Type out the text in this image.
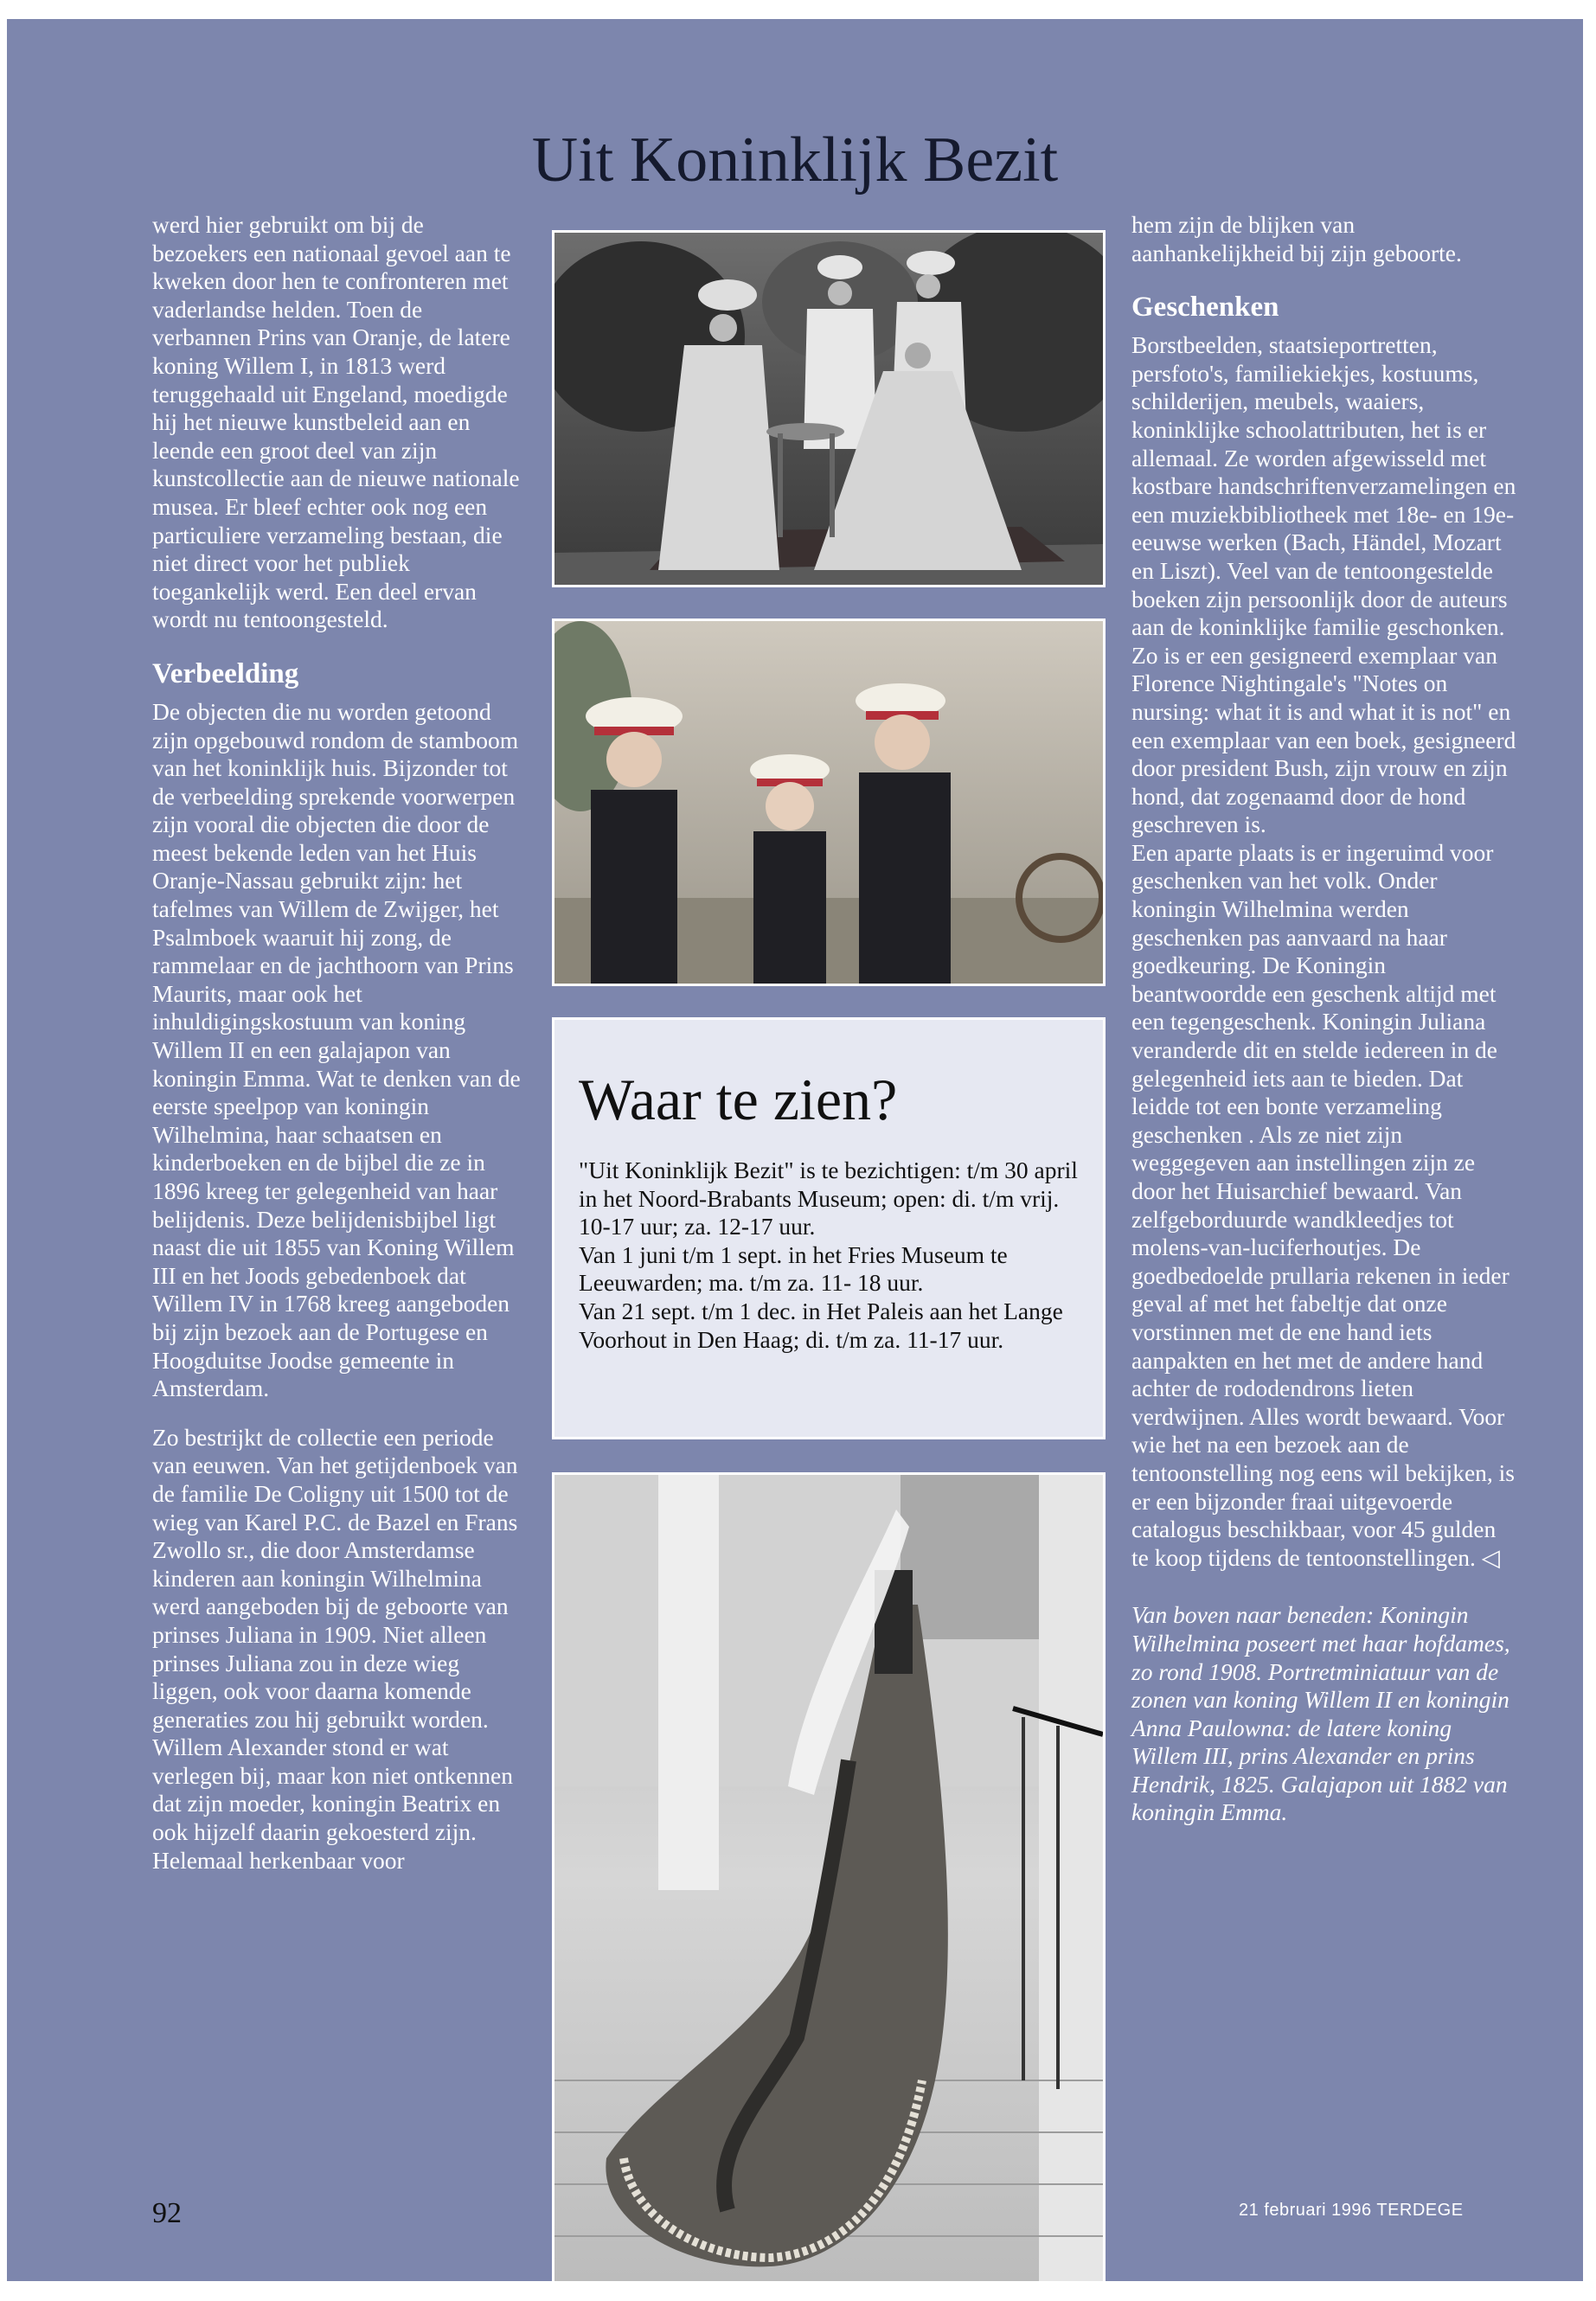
Uit Koninklijk Bezit

werd hier gebruikt om bij de bezoekers een nationaal gevoel aan te kweken door hen te confronteren met vaderlandse helden. Toen de verbannen Prins van Oranje, de latere koning Willem I, in 1813 werd teruggehaald uit Engeland, moedigde hij het nieuwe kunstbeleid aan en leende een groot deel van zijn kunstcollectie aan de nieuwe nationale musea. Er bleef echter ook nog een particuliere verzameling bestaan, die niet direct voor het publiek toegankelijk werd. Een deel ervan wordt nu tentoongesteld.

Verbeelding

De objecten die nu worden getoond zijn opgebouwd rondom de stamboom van het koninklijk huis. Bijzonder tot de verbeelding sprekende voorwerpen zijn vooral die objecten die door de meest bekende leden van het Huis Oranje-Nassau gebruikt zijn: het tafelmes van Willem de Zwijger, het Psalmboek waaruit hij zong, de rammelaar en de jachthoorn van Prins Maurits, maar ook het inhuldigingskostuum van koning Willem II en een galajapon van koningin Emma. Wat te denken van de eerste speelpop van koningin Wilhelmina, haar schaatsen en kinderboeken en de bijbel die ze in 1896 kreeg ter gelegenheid van haar belijdenis. Deze belijdenisbijbel ligt naast die uit 1855 van Koning Willem III en het Joods gebedenboek dat Willem IV in 1768 kreeg aangeboden bij zijn bezoek aan de Portugese en Hoogduitse Joodse gemeente in Amsterdam.

Zo bestrijkt de collectie een periode van eeuwen. Van het getijdenboek van de familie De Coligny uit 1500 tot de wieg van Karel P.C. de Bazel en Frans Zwollo sr., die door Amsterdamse kinderen aan koningin Wilhelmina werd aangeboden bij de geboorte van prinses Juliana in 1909. Niet alleen prinses Juliana zou in deze wieg liggen, ook voor daarna komende generaties zou hij gebruikt worden. Willem Alexander stond er wat verlegen bij, maar kon niet ontkennen dat zijn moeder, koningin Beatrix en ook hijzelf daarin gekoesterd zijn. Helemaal herkenbaar voor

Waar te zien?

"Uit Koninklijk Bezit" is te bezichtigen: t/m 30 april in het Noord-Brabants Museum; open: di. t/m vrij. 10-17 uur; za. 12-17 uur.

Van 1 juni t/m 1 sept. in het Fries Museum te Leeuwarden; ma. t/m za. 11- 18 uur.

Van 21 sept. t/m 1 dec. in Het Paleis aan het Lange Voorhout in Den Haag; di. t/m za. 11-17 uur.

hem zijn de blijken van aanhankelijkheid bij zijn geboorte.

Geschenken

Borstbeelden, staatsieportretten, persfoto's, familiekiekjes, kostuums, schilderijen, meubels, waaiers, koninklijke schoolattributen, het is er allemaal. Ze worden afgewisseld met kostbare handschriftenverzamelingen en een muziekbibliotheek met 18e- en 19e-eeuwse werken (Bach, Händel, Mozart en Liszt). Veel van de tentoongestelde boeken zijn persoonlijk door de auteurs aan de koninklijke familie geschonken. Zo is er een gesigneerd exemplaar van Florence Nightingale's "Notes on nursing: what it is and what it is not" en een exemplaar van een boek, gesigneerd door president Bush, zijn vrouw en zijn hond, dat zogenaamd door de hond geschreven is.

Een aparte plaats is er ingeruimd voor geschenken van het volk. Onder koningin Wilhelmina werden geschenken pas aanvaard na haar goedkeuring. De Koningin beantwoordde een geschenk altijd met een tegengeschenk. Koningin Juliana veranderde dit en stelde iedereen in de gelegenheid iets aan te bieden. Dat leidde tot een bonte verzameling geschenken . Als ze niet zijn weggegeven aan instellingen zijn ze door het Huisarchief bewaard. Van zelfgeborduurde wandkleedjes tot molens-van-luciferhoutjes. De goedbedoelde prullaria rekenen in ieder geval af met het fabeltje dat onze vorstinnen met de ene hand iets aanpakten en het met de andere hand achter de rododendrons lieten verdwijnen. Alles wordt bewaard. Voor wie het na een bezoek aan de tentoonstelling nog eens wil bekijken, is er een bijzonder fraai uitgevoerde catalogus beschikbaar, voor 45 gulden te koop tijdens de tentoonstellingen. ◁

Van boven naar beneden: Koningin Wilhelmina poseert met haar hofdames, zo rond 1908. Portretminiatuur van de zonen van koning Willem II en koningin Anna Paulowna: de latere koning Willem III, prins Alexander en prins Hendrik, 1825. Galajapon uit 1882 van koningin Emma.

92	21 februari 1996 TERDEGE
